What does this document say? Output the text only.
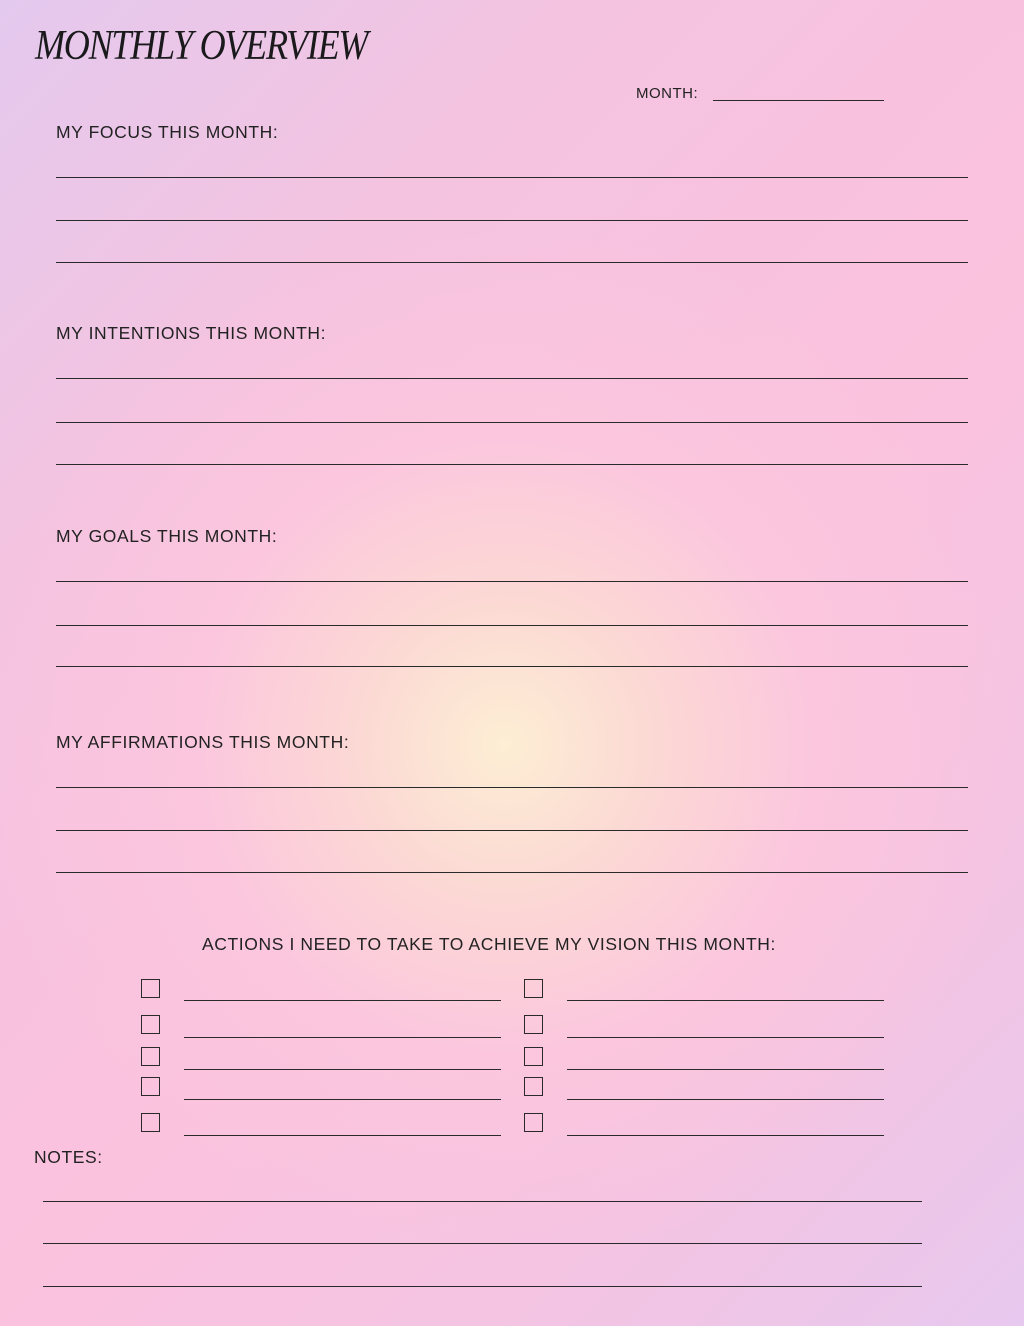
MONTHLY OVERVIEW
MONTH:
MY FOCUS THIS MONTH:
MY INTENTIONS THIS MONTH:
MY GOALS THIS MONTH:
MY AFFIRMATIONS THIS MONTH:
ACTIONS I NEED TO TAKE TO ACHIEVE MY VISION THIS MONTH:
NOTES:
